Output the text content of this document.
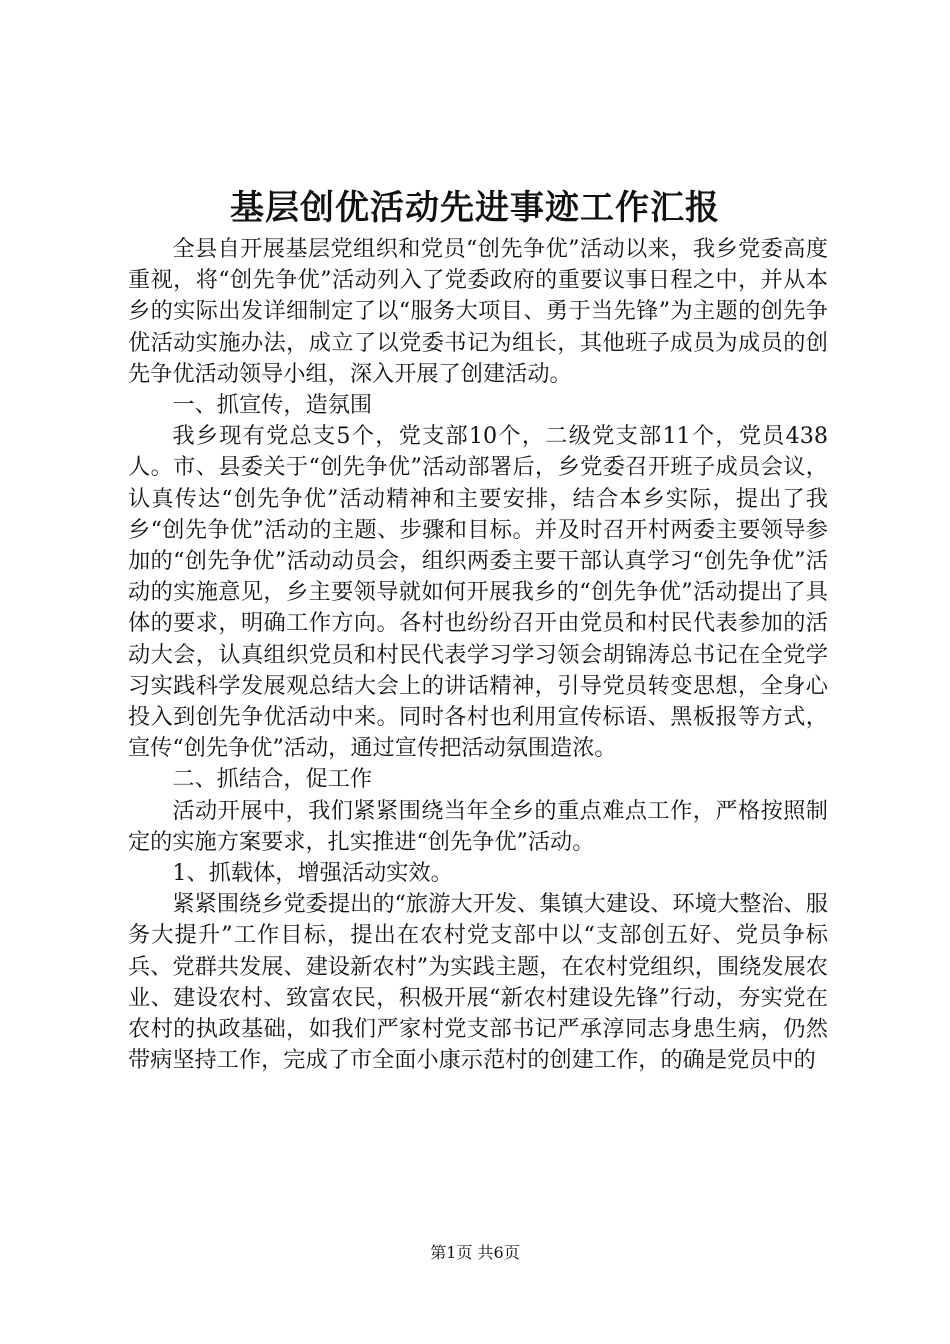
基层创优活动先进事迹工作汇报

全县自开展基层党组织和党员“创先争优”活动以来，我乡党委高度重视，将“创先争优”活动列入了党委政府的重要议事日程之中，并从本乡的实际出发详细制定了以“服务大项目、勇于当先锋”为主题的创先争优活动实施办法，成立了以党委书记为组长，其他班子成员为成员的创先争优活动领导小组，深入开展了创建活动。

一、抓宣传，造氛围

我乡现有党总支5个，党支部10个，二级党支部11个，党员438人。市、县委关于“创先争优”活动部署后，乡党委召开班子成员会议，认真传达“创先争优”活动精神和主要安排，结合本乡实际，提出了我乡“创先争优”活动的主题、步骤和目标。并及时召开村两委主要领导参加的“创先争优”活动动员会，组织两委主要干部认真学习“创先争优”活动的实施意见，乡主要领导就如何开展我乡的“创先争优”活动提出了具体的要求，明确工作方向。各村也纷纷召开由党员和村民代表参加的活动大会，认真组织党员和村民代表学习学习领会胡锦涛总书记在全党学习实践科学发展观总结大会上的讲话精神，引导党员转变思想，全身心投入到创先争优活动中来。同时各村也利用宣传标语、黑板报等方式，宣传“创先争优”活动，通过宣传把活动氛围造浓。

二、抓结合，促工作

活动开展中，我们紧紧围绕当年全乡的重点难点工作，严格按照制定的实施方案要求，扎实推进“创先争优”活动。

1、抓载体，增强活动实效。

紧紧围绕乡党委提出的“旅游大开发、集镇大建设、环境大整治、服务大提升”工作目标，提出在农村党支部中以“支部创五好、党员争标兵、党群共发展、建设新农村”为实践主题，在农村党组织，围绕发展农业、建设农村、致富农民，积极开展“新农村建设先锋”行动，夯实党在农村的执政基础，如我们严家村党支部书记严承淳同志身患生病，仍然带病坚持工作，完成了市全面小康示范村的创建工作，的确是党员中的

第1页 共6页
